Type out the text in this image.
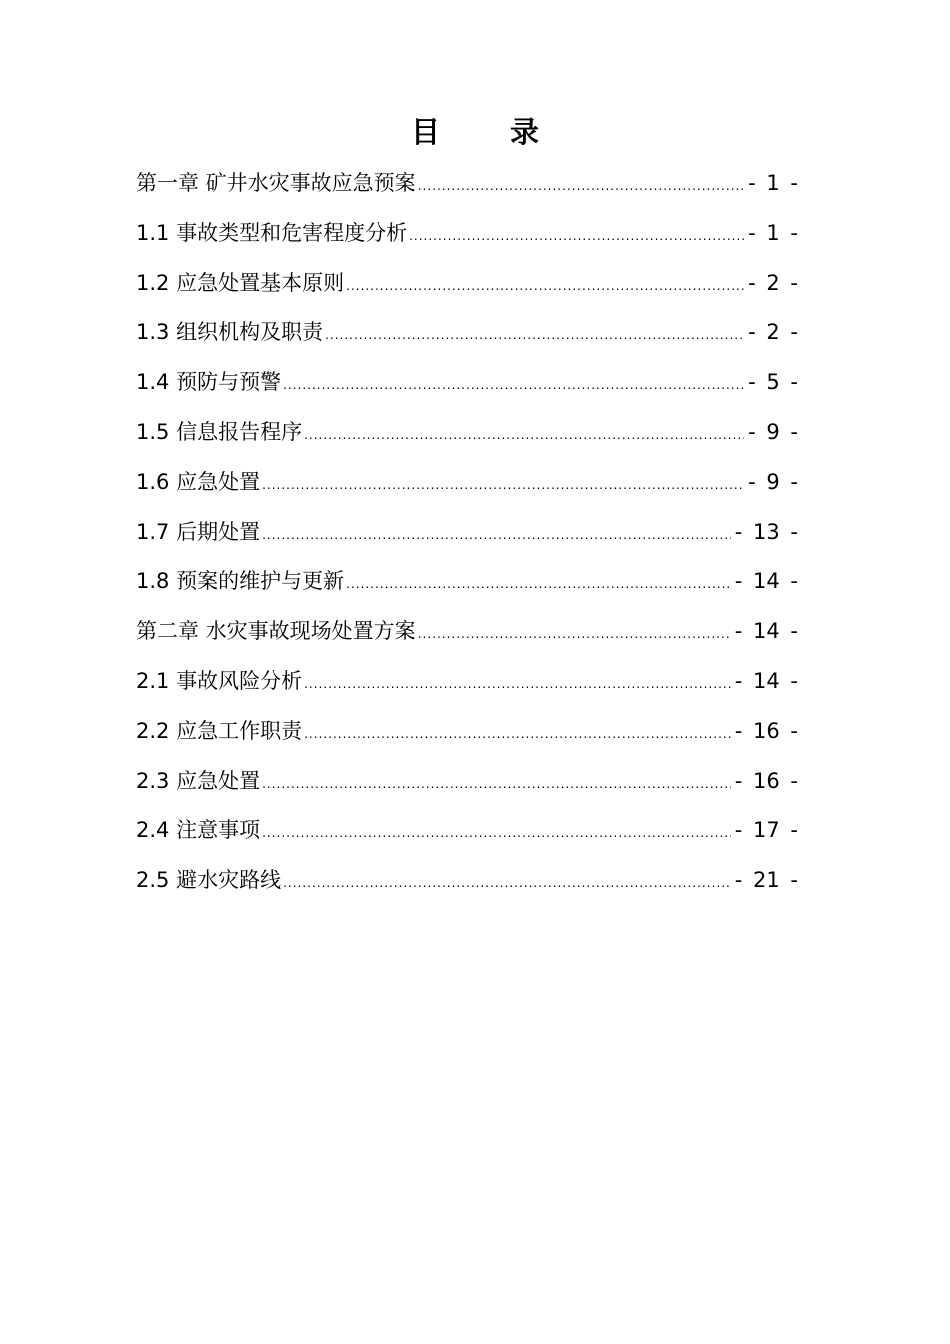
目 录
第一章 矿井水灾事故应急预案 .....	- 1 -
1.1 事故类型和危害程度分析 .....	- 1 -
1.2 应急处置基本原则 .....	- 2 -
1.3 组织机构及职责 .....	- 2 -
1.4 预防与预警 .....	- 5 -
1.5 信息报告程序 .....	- 9 -
1.6 应急处置 .....	- 9 -
1.7 后期处置 .....	- 13 -
1.8 预案的维护与更新 .....	- 14 -
第二章 水灾事故现场处置方案 .....	- 14 -
2.1 事故风险分析 .....	- 14 -
2.2 应急工作职责 .....	- 16 -
2.3 应急处置 .....	- 16 -
2.4 注意事项 .....	- 17 -
2.5 避水灾路线 .....	- 21 -
